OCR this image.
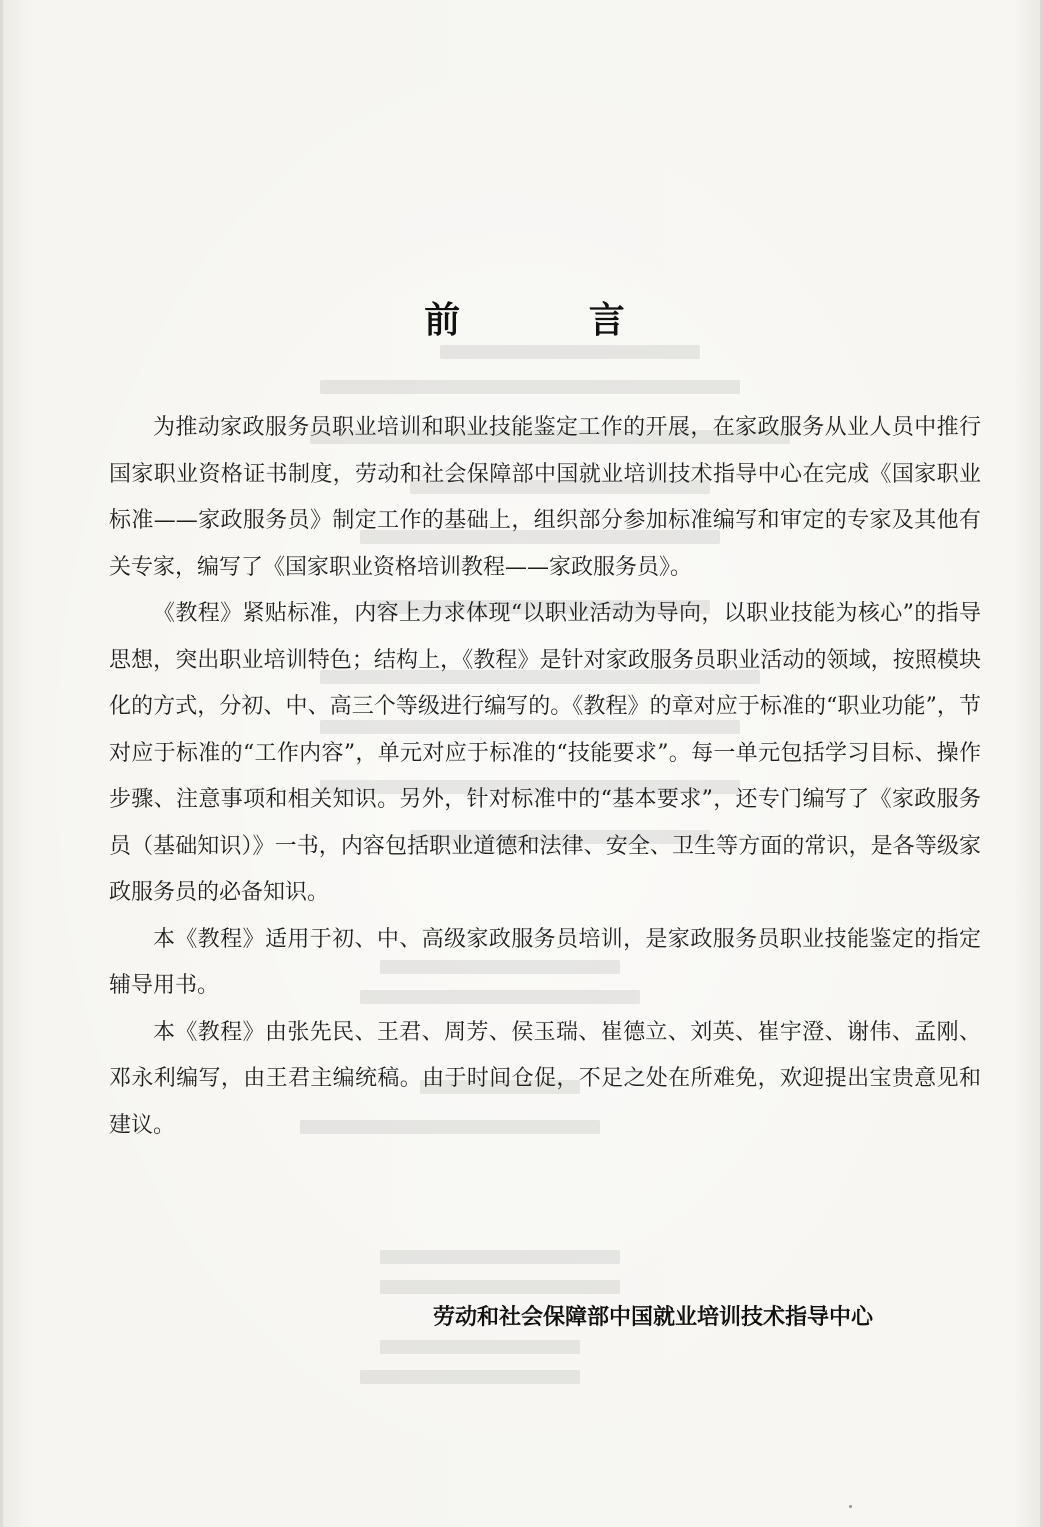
前 言

为推动家政服务员职业培训和职业技能鉴定工作的开展，在家政服务从业人员中推行国家职业资格证书制度，劳动和社会保障部中国就业培训技术指导中心在完成《国家职业标准——家政服务员》制定工作的基础上，组织部分参加标准编写和审定的专家及其他有关专家，编写了《国家职业资格培训教程——家政服务员》。

《教程》紧贴标准，内容上力求体现“以职业活动为导向，以职业技能为核心”的指导思想，突出职业培训特色；结构上，《教程》是针对家政服务员职业活动的领域，按照模块化的方式，分初、中、高三个等级进行编写的。《教程》的章对应于标准的“职业功能”，节对应于标准的“工作内容”，单元对应于标准的“技能要求”。每一单元包括学习目标、操作步骤、注意事项和相关知识。另外，针对标准中的“基本要求”，还专门编写了《家政服务员（基础知识）》一书，内容包括职业道德和法律、安全、卫生等方面的常识，是各等级家政服务员的必备知识。

本《教程》适用于初、中、高级家政服务员培训，是家政服务员职业技能鉴定的指定辅导用书。

本《教程》由张先民、王君、周芳、侯玉瑞、崔德立、刘英、崔宇澄、谢伟、孟刚、邓永利编写，由王君主编统稿。由于时间仓促，不足之处在所难免，欢迎提出宝贵意见和建议。

劳动和社会保障部中国就业培训技术指导中心
